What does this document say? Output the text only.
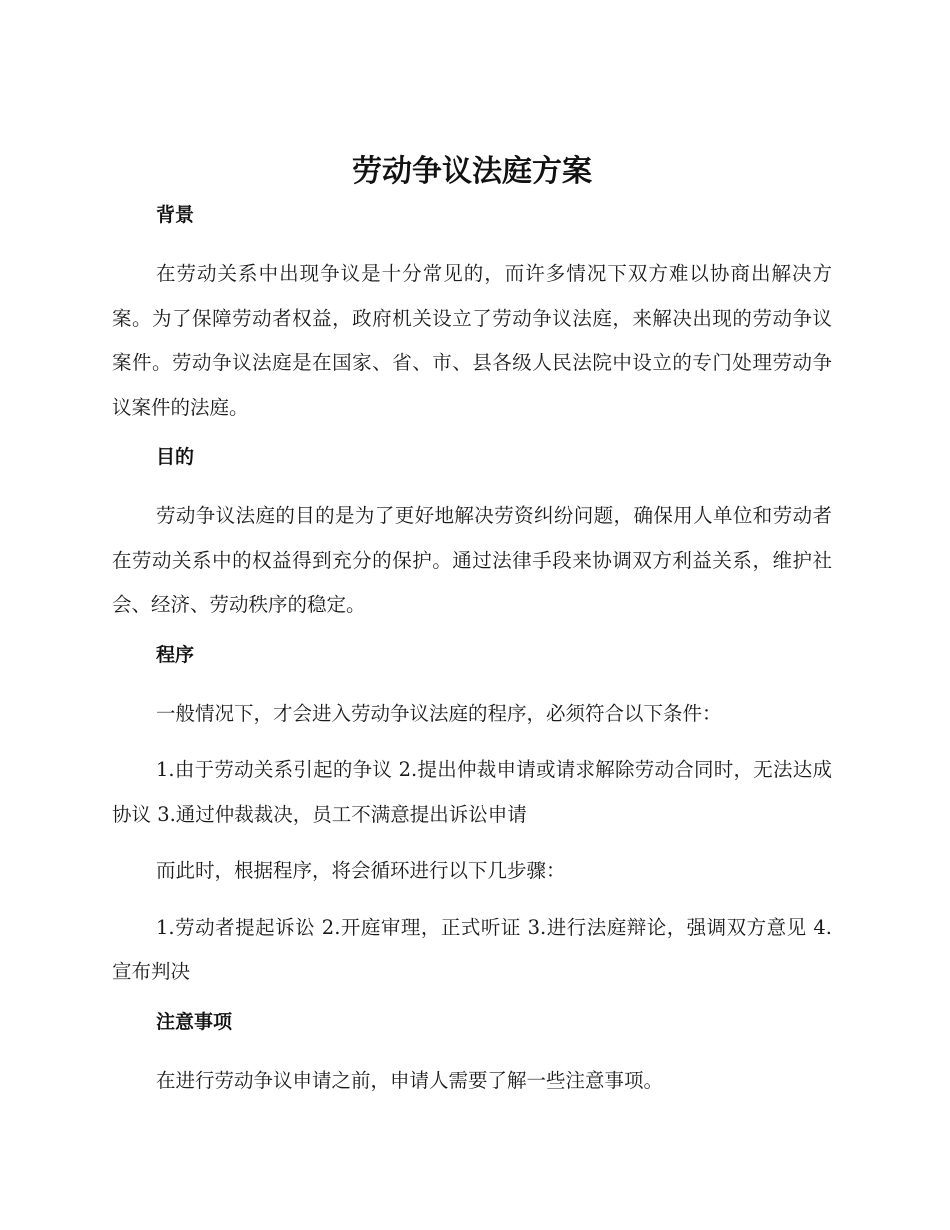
劳动争议法庭方案
背景

在劳动关系中出现争议是十分常见的，而许多情况下双方难以协商出解决方案。为了保障劳动者权益，政府机关设立了劳动争议法庭，来解决出现的劳动争议案件。劳动争议法庭是在国家、省、市、县各级人民法院中设立的专门处理劳动争议案件的法庭。

目的

劳动争议法庭的目的是为了更好地解决劳资纠纷问题，确保用人单位和劳动者在劳动关系中的权益得到充分的保护。通过法律手段来协调双方利益关系，维护社会、经济、劳动秩序的稳定。

程序

一般情况下，才会进入劳动争议法庭的程序，必须符合以下条件：

1.由于劳动关系引起的争议 2.提出仲裁申请或请求解除劳动合同时，无法达成协议 3.通过仲裁裁决，员工不满意提出诉讼申请

而此时，根据程序，将会循环进行以下几步骤：

1.劳动者提起诉讼 2.开庭审理，正式听证 3.进行法庭辩论，强调双方意见 4.宣布判决

注意事项

在进行劳动争议申请之前，申请人需要了解一些注意事项。
